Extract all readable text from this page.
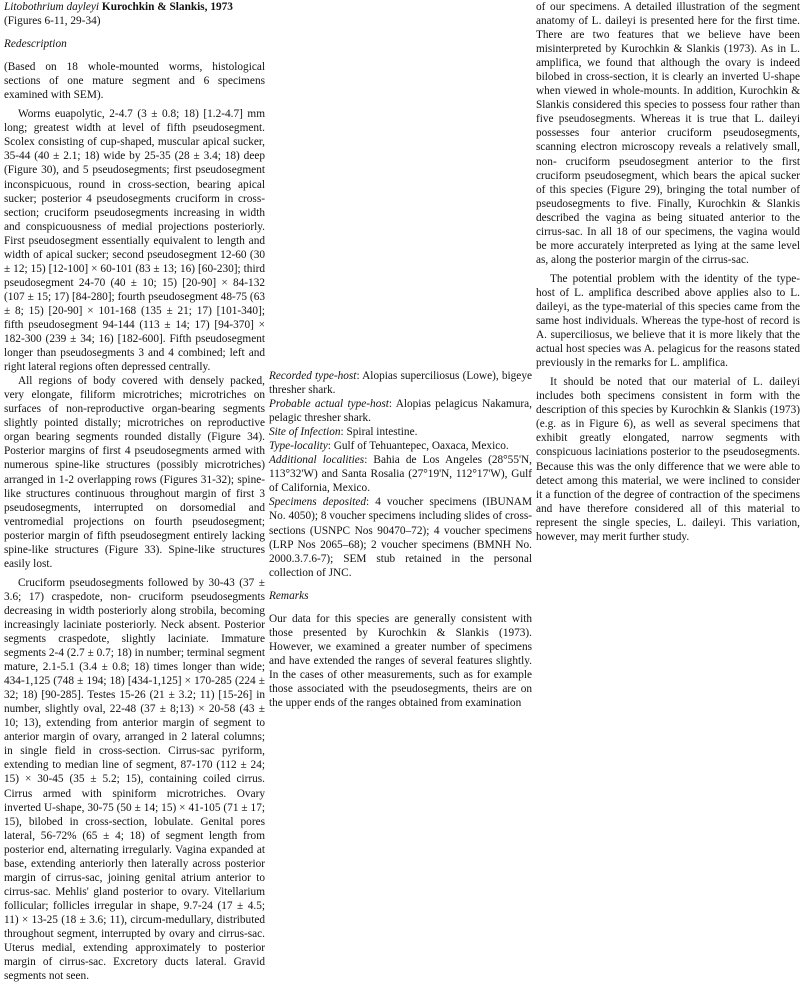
Litobothrium dayleyi Kurochkin & Slankis, 1973

(Figures 6-11, 29-34)

Redescription

(Based on 18 whole-mounted worms, histological sections of one mature segment and 6 specimens examined with SEM).

Worms euapolytic, 2-4.7 (3 ± 0.8; 18) [1.2-4.7] mm long; greatest width at level of fifth pseudosegment. Scolex consisting of cup-shaped, muscular apical sucker, 35-44 (40 ± 2.1; 18) wide by 25-35 (28 ± 3.4; 18) deep (Figure 30), and 5 pseudosegments; first pseudosegment inconspicuous, round in cross-section, bearing apical sucker; posterior 4 pseudosegments cruciform in cross-section; cruciform pseudosegments increasing in width and conspicuousness of medial projections posteriorly. First pseudosegment essentially equivalent to length and width of apical sucker; second pseudosegment 12-60 (30 ± 12; 15) [12-100] × 60-101 (83 ± 13; 16) [60-230]; third pseudosegment 24-70 (40 ± 10; 15) [20-90] × 84-132 (107 ± 15; 17) [84-280]; fourth pseudosegment 48-75 (63 ± 8; 15) [20-90] × 101-168 (135 ± 21; 17) [101-340]; fifth pseudosegment 94-144 (113 ± 14; 17) [94-370] × 182-300 (239 ± 34; 16) [182-600]. Fifth pseudosegment longer than pseudosegments 3 and 4 combined; left and right lateral regions often depressed centrally.

All regions of body covered with densely packed, very elongate, filiform microtriches; microtriches on surfaces of non-reproductive organ-bearing segments slightly pointed distally; microtriches on reproductive organ bearing segments rounded distally (Figure 34). Posterior margins of first 4 pseudosegments armed with numerous spine-like structures (possibly microtriches) arranged in 1-2 overlapping rows (Figures 31-32); spine- like structures continuous throughout margin of first 3 pseudosegments, interrupted on dorsomedial and ventromedial projections on fourth pseudosegment; posterior margin of fifth pseudosegment entirely lacking spine-like structures (Figure 33). Spine-like structures easily lost.

Cruciform pseudosegments followed by 30-43 (37 ± 3.6; 17) craspedote, non- cruciform pseudosegments decreasing in width posteriorly along strobila, becoming increasingly laciniate posteriorly. Neck absent. Posterior segments craspedote, slightly laciniate. Immature segments 2-4 (2.7 ± 0.7; 18) in number; terminal segment mature, 2.1-5.1 (3.4 ± 0.8; 18) times longer than wide; 434-1,125 (748 ± 194; 18) [434-1,125] × 170-285 (224 ± 32; 18) [90-285]. Testes 15-26 (21 ± 3.2; 11) [15-26] in number, slightly oval, 22-48 (37 ± 8;13) × 20-58 (43 ± 10; 13), extending from anterior margin of segment to anterior margin of ovary, arranged in 2 lateral columns; in single field in cross-section. Cirrus-sac pyriform, extending to median line of segment, 87-170 (112 ± 24; 15) × 30-45 (35 ± 5.2; 15), containing coiled cirrus. Cirrus armed with spiniform microtriches. Ovary inverted U-shape, 30-75 (50 ± 14; 15) × 41-105 (71 ± 17; 15), bilobed in cross-section, lobulate. Genital pores lateral, 56-72% (65 ± 4; 18) of segment length from posterior end, alternating irregularly. Vagina expanded at base, extending anteriorly then laterally across posterior margin of cirrus-sac, joining genital atrium anterior to cirrus-sac. Mehlis' gland posterior to ovary. Vitellarium follicular; follicles irregular in shape, 9.7-24 (17 ± 4.5; 11) × 13-25 (18 ± 3.6; 11), circum-medullary, distributed throughout segment, interrupted by ovary and cirrus-sac. Uterus medial, extending approximately to posterior margin of cirrus-sac. Excretory ducts lateral. Gravid segments not seen.

Recorded type-host: Alopias superciliosus (Lowe), bigeye thresher shark.

Probable actual type-host: Alopias pelagicus Nakamura, pelagic thresher shark.

Site of Infection: Spiral intestine.

Type-locality: Gulf of Tehuantepec, Oaxaca, Mexico.

Additional localities: Bahia de Los Angeles (28°55'N, 113°32'W) and Santa Rosalia (27°19'N, 112°17'W), Gulf of California, Mexico.

Specimens deposited: 4 voucher specimens (IBUNAM No. 4050); 8 voucher specimens including slides of cross-sections (USNPC Nos 90470–72); 4 voucher specimens (LRP Nos 2065–68); 2 voucher specimens (BMNH No. 2000.3.7.6-7); SEM stub retained in the personal collection of JNC.

Remarks

Our data for this species are generally consistent with those presented by Kurochkin & Slankis (1973). However, we examined a greater number of specimens and have extended the ranges of several features slightly. In the cases of other measurements, such as for example those associated with the pseudosegments, theirs are on the upper ends of the ranges obtained from examination

of our specimens. A detailed illustration of the segment anatomy of L. daileyi is presented here for the first time. There are two features that we believe have been misinterpreted by Kurochkin & Slankis (1973). As in L. amplifica, we found that although the ovary is indeed bilobed in cross-section, it is clearly an inverted U-shape when viewed in whole-mounts. In addition, Kurochkin & Slankis considered this species to possess four rather than five pseudosegments. Whereas it is true that L. daileyi possesses four anterior cruciform pseudosegments, scanning electron microscopy reveals a relatively small, non- cruciform pseudosegment anterior to the first cruciform pseudosegment, which bears the apical sucker of this species (Figure 29), bringing the total number of pseudosegments to five. Finally, Kurochkin & Slankis described the vagina as being situated anterior to the cirrus-sac. In all 18 of our specimens, the vagina would be more accurately interpreted as lying at the same level as, along the posterior margin of the cirrus-sac.

The potential problem with the identity of the type-host of L. amplifica described above applies also to L. daileyi, as the type-material of this species came from the same host individuals. Whereas the type-host of record is A. superciliosus, we believe that it is more likely that the actual host species was A. pelagicus for the reasons stated previously in the remarks for L. amplifica.

It should be noted that our material of L. daileyi includes both specimens consistent in form with the description of this species by Kurochkin & Slankis (1973) (e.g. as in Figure 6), as well as several specimens that exhibit greatly elongated, narrow segments with conspicuous laciniations posterior to the pseudosegments. Because this was the only difference that we were able to detect among this material, we were inclined to consider it a function of the degree of contraction of the specimens and have therefore considered all of this material to represent the single species, L. daileyi. This variation, however, may merit further study.
